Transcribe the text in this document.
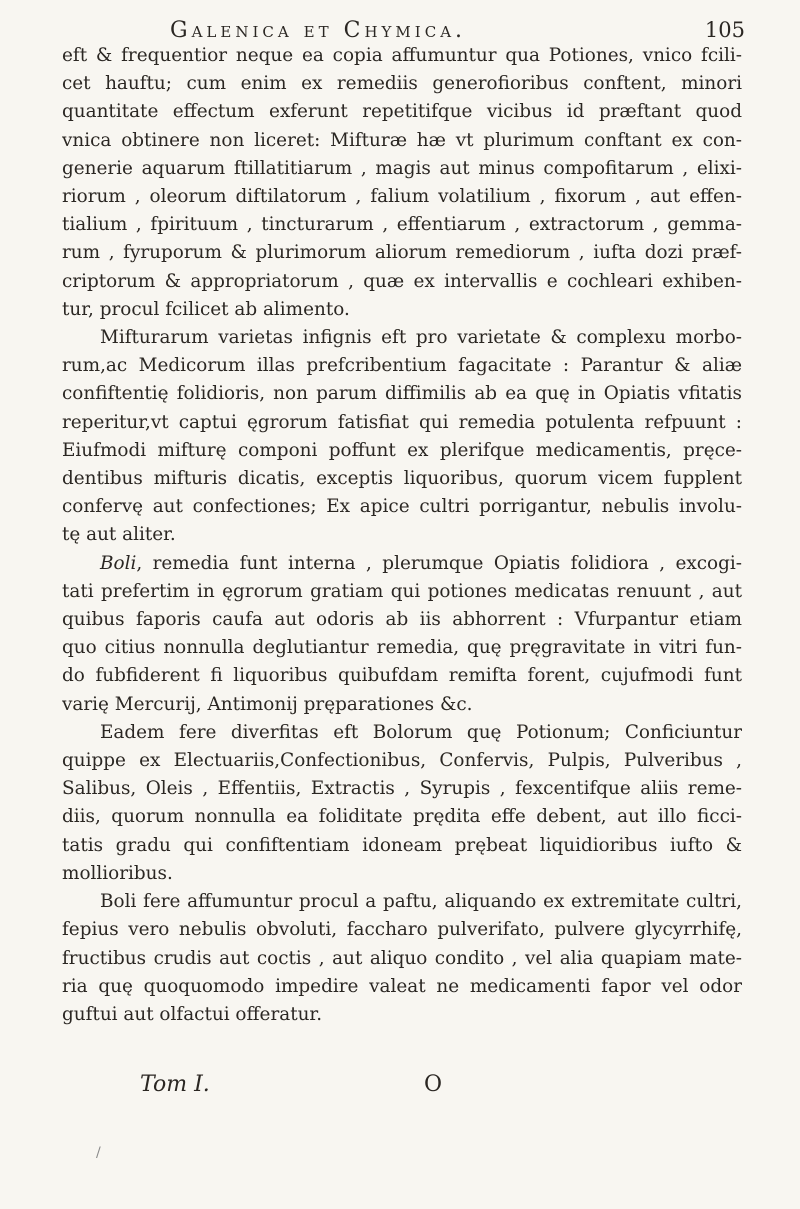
Galenica et Chymica.	105
eft & frequentior neque ea copia affumuntur qua Potiones, vnico fcili-
cet hauftu; cum enim ex remediis generofioribus conftent, minori
quantitate effectum exferunt repetitifque vicibus id præftant quod
vnica obtinere non liceret: Mifturæ hæ vt plurimum conftant ex con-
generie aquarum ftillatitiarum , magis aut minus compofitarum , elixi-
riorum , oleorum diftilatorum , falium volatilium , fixorum , aut effen-
tialium , fpirituum , tincturarum , effentiarum , extractorum , gemma-
rum , fyruporum & plurimorum aliorum remediorum , iufta dozi præf-
criptorum & appropriatorum , quæ ex intervallis e cochleari exhiben-
tur, procul fcilicet ab alimento.
Mifturarum varietas infignis eft pro varietate & complexu morbo-
rum,ac Medicorum illas prefcribentium fagacitate : Parantur & aliæ
confiftentię folidioris, non parum diffimilis ab ea quę in Opiatis vfitatis
reperitur,vt captui ęgrorum fatisfiat qui remedia potulenta refpuunt :
Eiufmodi mifturę componi poffunt ex plerifque medicamentis, pręce-
dentibus mifturis dicatis, exceptis liquoribus, quorum vicem fupplent
confervę aut confectiones; Ex apice cultri porrigantur, nebulis involu-
tę aut aliter.
Boli, remedia funt interna , plerumque Opiatis folidiora , excogi-
tati prefertim in ęgrorum gratiam qui potiones medicatas renuunt , aut
quibus faporis caufa aut odoris ab iis abhorrent : Vfurpantur etiam
quo citius nonnulla deglutiantur remedia, quę pręgravitate in vitri fun-
do fubfiderent fi liquoribus quibufdam remifta forent, cujufmodi funt
varię Mercurij, Antimonij pręparationes &c.
Eadem fere diverfitas eft Bolorum quę Potionum; Conficiuntur
quippe ex Electuariis,Confectionibus, Confervis, Pulpis, Pulveribus ,
Salibus, Oleis , Effentiis, Extractis , Syrupis , fexcentifque aliis reme-
diis, quorum nonnulla ea foliditate prędita effe debent, aut illo ficci-
tatis gradu qui confiftentiam idoneam prębeat liquidioribus iufto &
mollioribus.
Boli fere affumuntur procul a paftu, aliquando ex extremitate cultri,
fepius vero nebulis obvoluti, faccharo pulverifato, pulvere glycyrrhifę,
fructibus crudis aut coctis , aut aliquo condito , vel alia quapiam mate-
ria quę quoquomodo impedire valeat ne medicamenti fapor vel odor
guftui aut olfactui offeratur.
Tom I.	O
/
